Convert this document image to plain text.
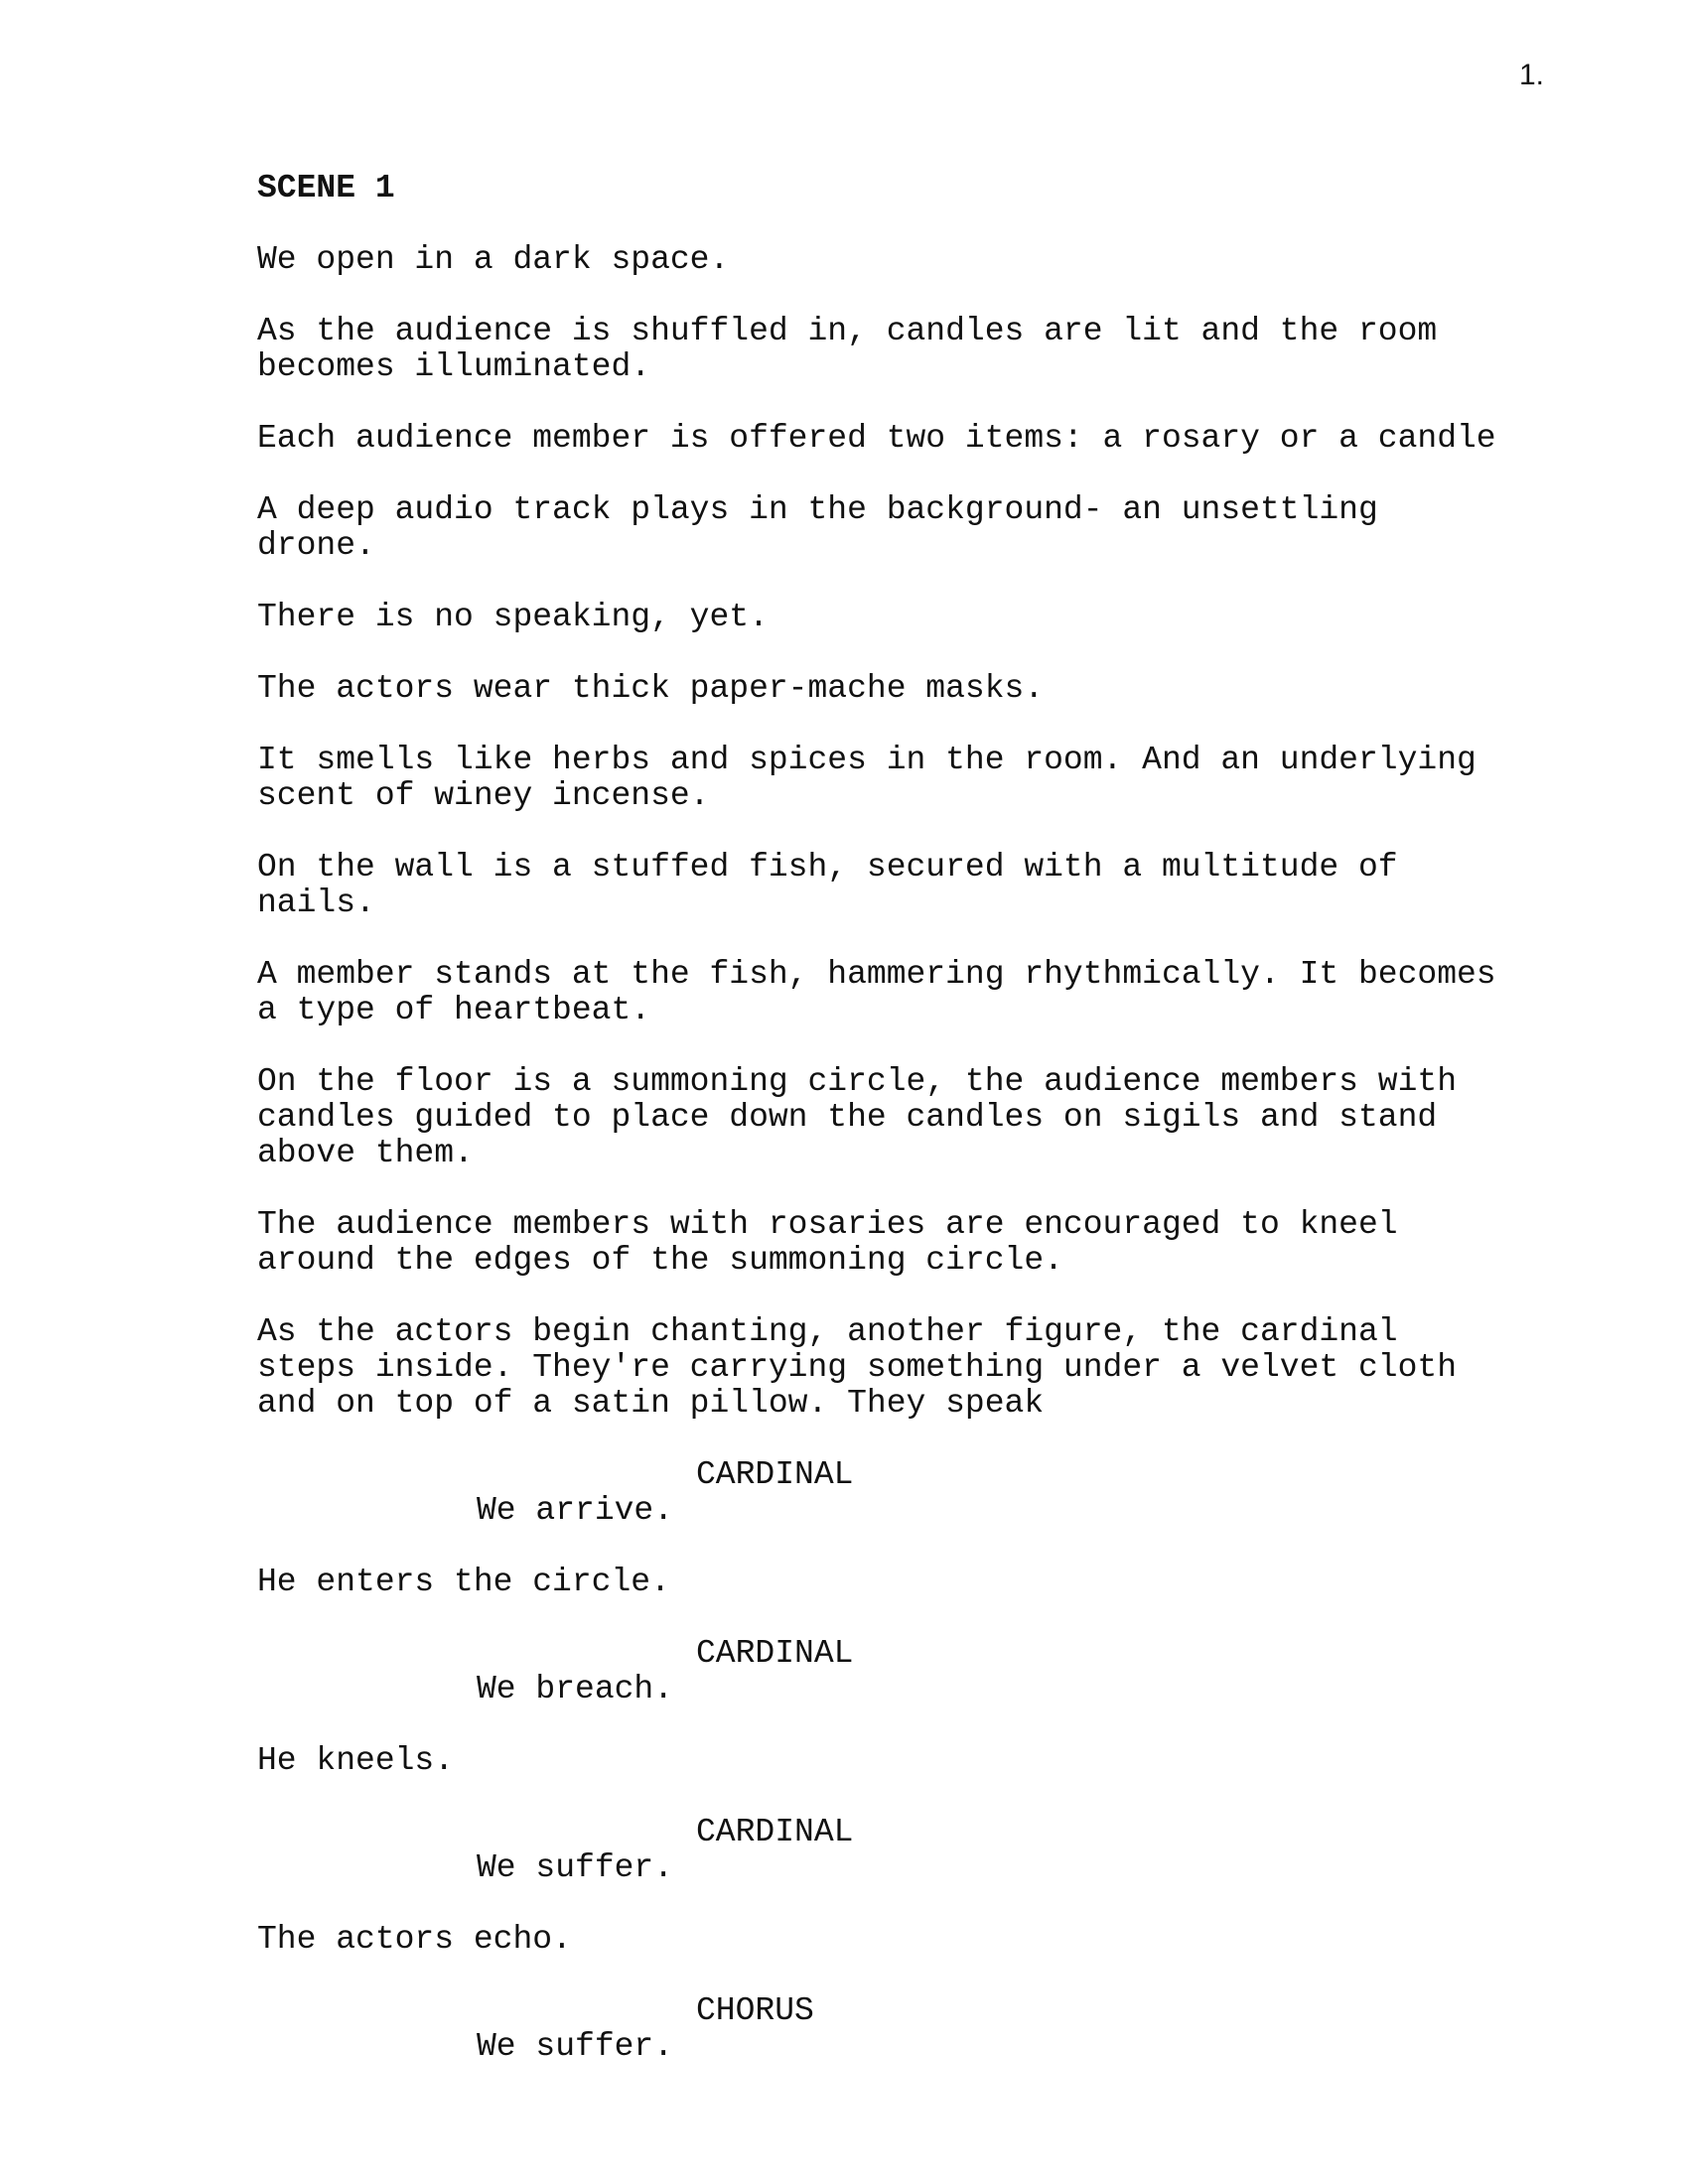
1.
SCENE 1
We open in a dark space.
As the audience is shuffled in, candles are lit and the room
becomes illuminated.
Each audience member is offered two items: a rosary or a candle
A deep audio track plays in the background- an unsettling
drone.
There is no speaking, yet.
The actors wear thick paper-mache masks.
It smells like herbs and spices in the room. And an underlying
scent of winey incense.
On the wall is a stuffed fish, secured with a multitude of
nails.
A member stands at the fish, hammering rhythmically. It becomes
a type of heartbeat.
On the floor is a summoning circle, the audience members with
candles guided to place down the candles on sigils and stand
above them.
The audience members with rosaries are encouraged to kneel
around the edges of the summoning circle.
As the actors begin chanting, another figure, the cardinal
steps inside. They're carrying something under a velvet cloth
and on top of a satin pillow. They speak
CARDINAL
We arrive.
He enters the circle.
CARDINAL
We breach.
He kneels.
CARDINAL
We suffer.
The actors echo.
CHORUS
We suffer.
